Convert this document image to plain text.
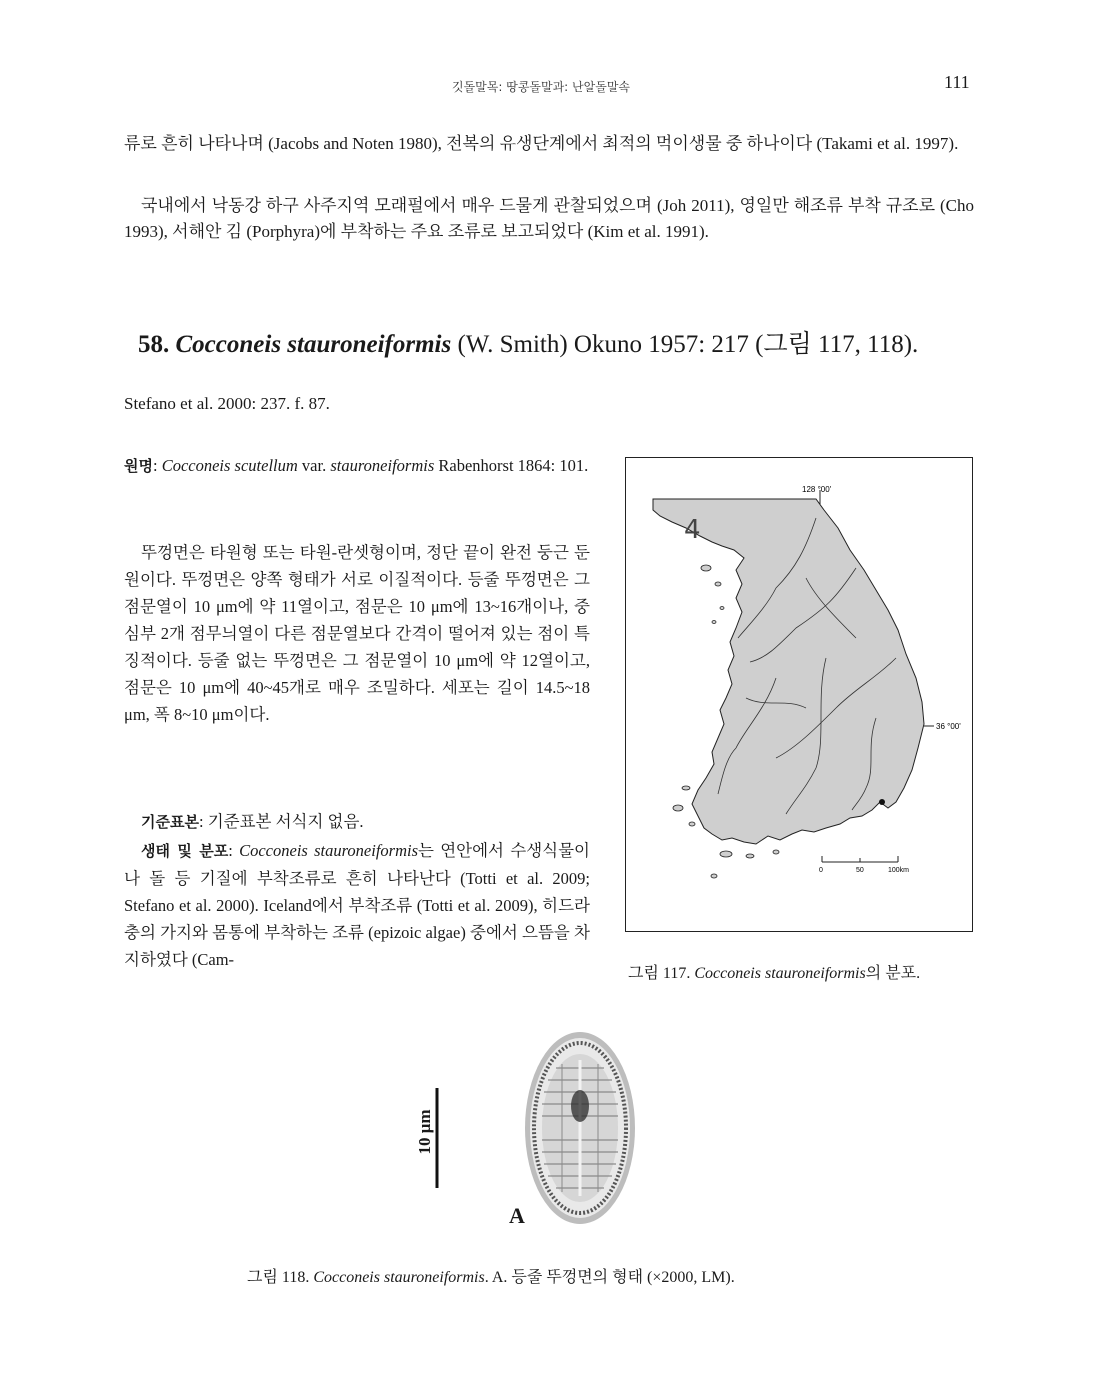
깃돌말목: 땅콩돌말과: 난알돌말속	111
류로 흔히 나타나며 (Jacobs and Noten 1980), 전복의 유생단계에서 최적의 먹이생물 중 하나이다 (Takami et al. 1997).
국내에서 낙동강 하구 사주지역 모래펄에서 매우 드물게 관찰되었으며 (Joh 2011), 영일만 해조류 부착 규조로 (Cho 1993), 서해안 김 (Porphyra)에 부착하는 주요 조류로 보고되었다 (Kim et al. 1991).
58. Cocconeis stauroneiformis (W. Smith) Okuno 1957: 217 (그림 117, 118).
Stefano et al. 2000: 237. f. 87.
원명: Cocconeis scutellum var. stauroneiformis Rabenhorst 1864: 101.
뚜껑면은 타원형 또는 타원-란셋형이며, 정단 끝이 완전 둥근 둔원이다. 뚜껑면은 양쪽 형태가 서로 이질적이다. 등줄 뚜껑면은 그 점문열이 10 μm에 약 11열이고, 점문은 10 μm에 13~16개이나, 중심부 2개 점무늬열이 다른 점문열보다 간격이 떨어져 있는 점이 특징적이다. 등줄 없는 뚜껑면은 그 점문열이 10 μm에 약 12열이고, 점문은 10 μm에 40~45개로 매우 조밀하다. 세포는 길이 14.5~18 μm, 폭 8~10 μm이다.
기준표본: 기준표본 서식지 없음.
생태 및 분포: Cocconeis stauroneiformis는 연안에서 수생식물이나 돌 등 기질에 부착조류로 흔히 나타난다 (Totti et al. 2009; Stefano et al. 2000). Iceland에서 부착조류 (Totti et al. 2009), 히드라충의 가지와 몸통에 부착하는 조류 (epizoic algae) 중에서 으뜸을 차지하였다 (Cam-
128 °00'
36 °00'
0	50	100km
4
그림 117. Cocconeis stauroneiformis의 분포.
10 μm
A
그림 118. Cocconeis stauroneiformis. A. 등줄 뚜껑면의 형태 (×2000, LM).
